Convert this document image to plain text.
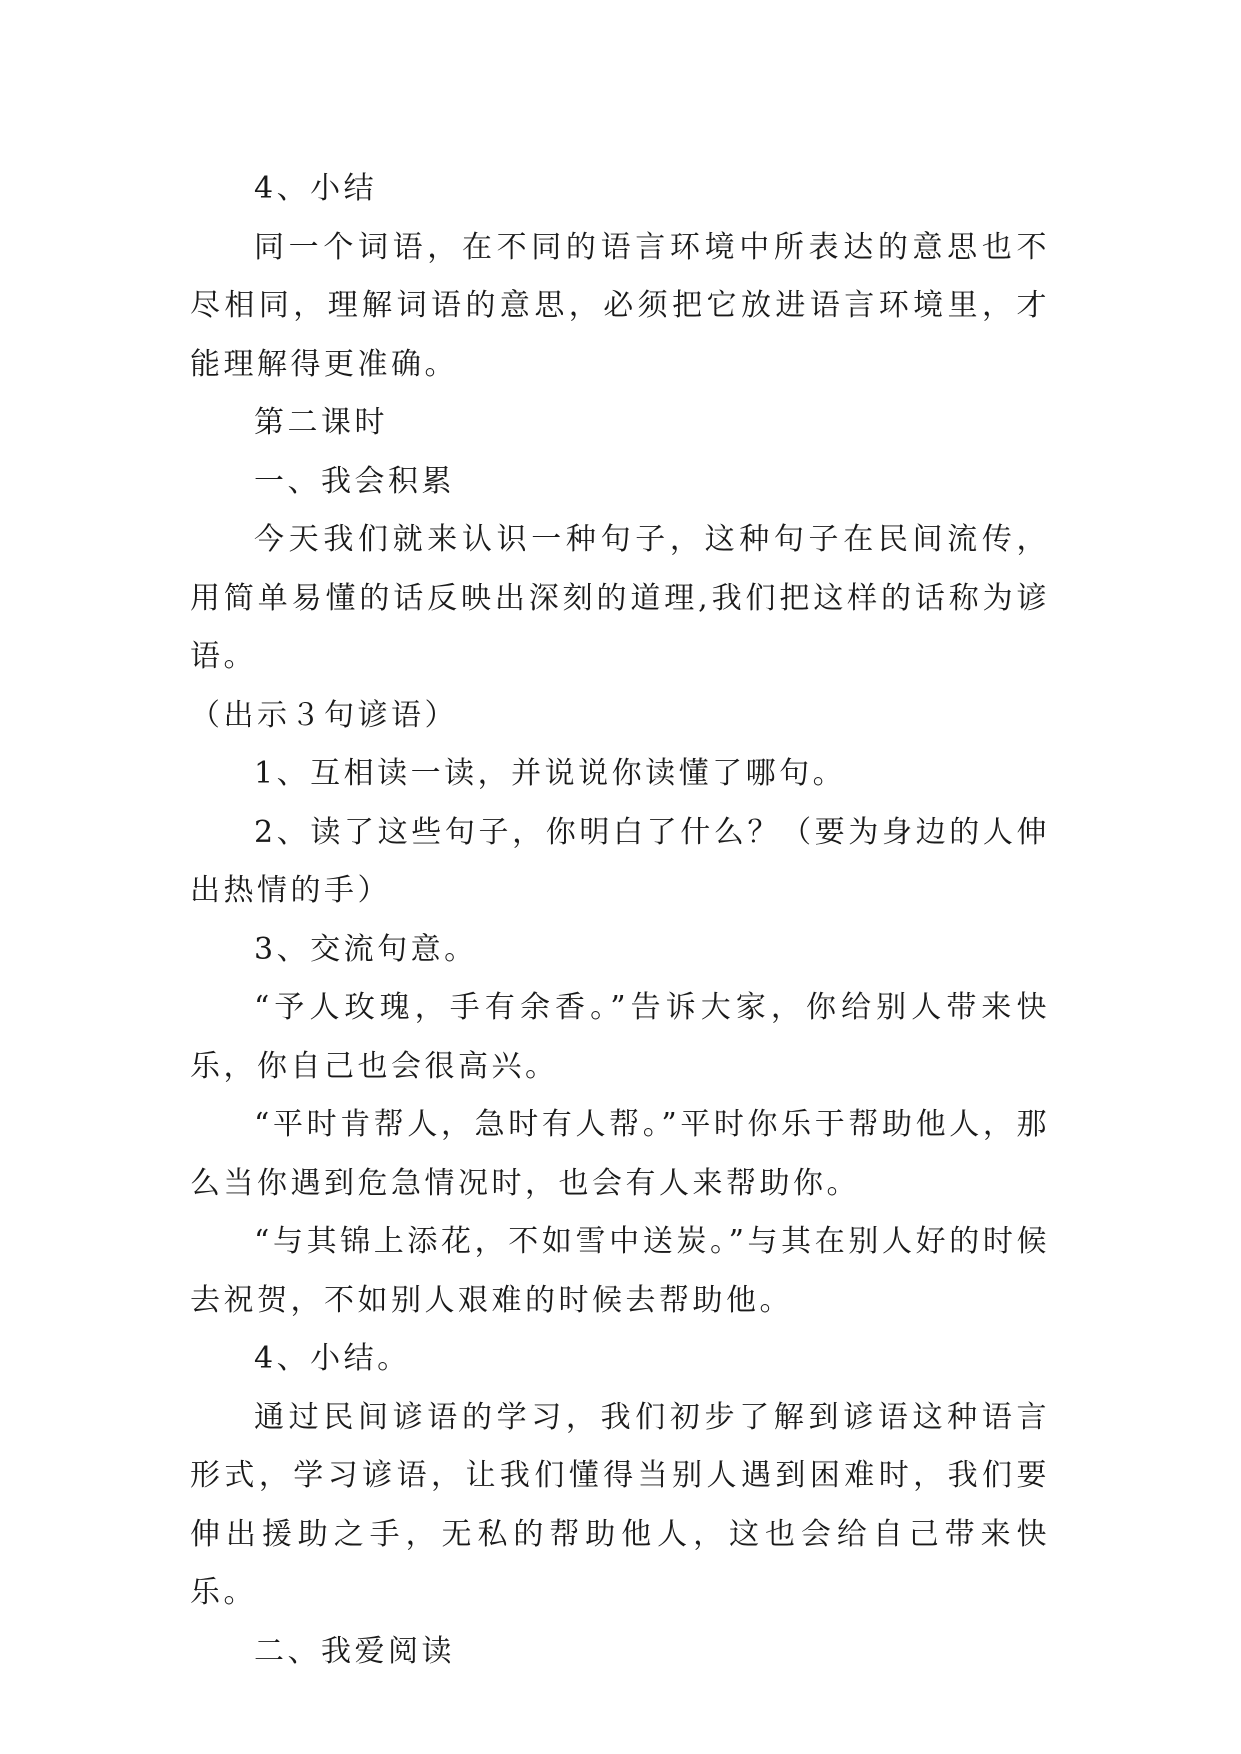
4、小结

同一个词语，在不同的语言环境中所表达的意思也不尽相同，理解词语的意思，必须把它放进语言环境里，才能理解得更准确。

第二课时

一、我会积累

今天我们就来认识一种句子，这种句子在民间流传，用简单易懂的话反映出深刻的道理,我们把这样的话称为谚语。

（出示３句谚语）

1、互相读一读，并说说你读懂了哪句。

2、读了这些句子，你明白了什么？（要为身边的人伸出热情的手）

3、交流句意。

“予人玫瑰，手有余香。”告诉大家，你给别人带来快乐，你自己也会很高兴。

“平时肯帮人，急时有人帮。”平时你乐于帮助他人，那么当你遇到危急情况时，也会有人来帮助你。

“与其锦上添花，不如雪中送炭。”与其在别人好的时候去祝贺，不如别人艰难的时候去帮助他。

4、小结。

通过民间谚语的学习，我们初步了解到谚语这种语言形式，学习谚语，让我们懂得当别人遇到困难时，我们要伸出援助之手，无私的帮助他人，这也会给自己带来快乐。

二、我爱阅读
